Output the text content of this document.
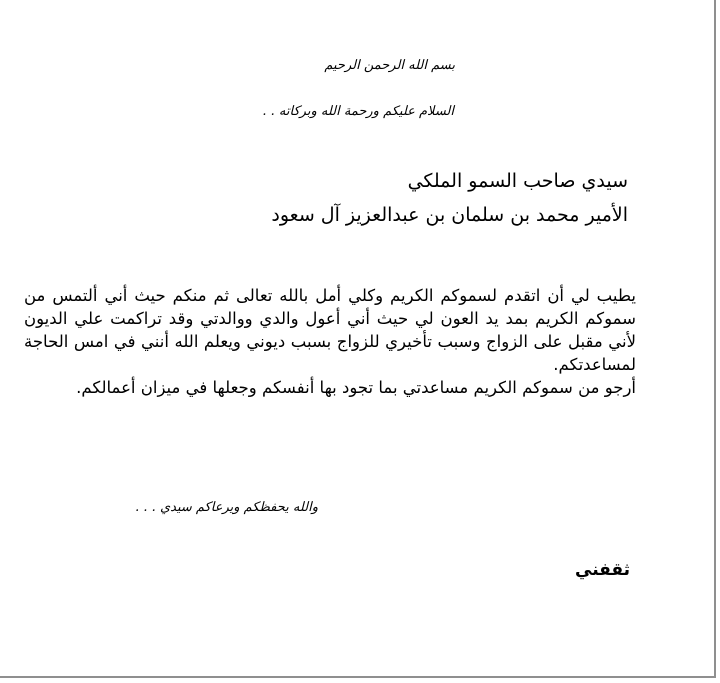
بسم الله الرحمن الرحيم
السلام عليكم ورحمة الله وبركاته . .
سيدي صاحب السمو الملكي
الأمير محمد بن سلمان بن عبدالعزيز آل سعود

يطيب لي أن اتقدم لسموكم الكريم وكلي أمل بالله تعالى ثم منكم حيث أني ألتمس من سموكم الكريم بمد يد العون لي حيث أني أعول والدي ووالدتي وقد تراكمت علي الديون لأني مقبل على الزواج وسبب تأخيري للزواج بسبب ديوني ويعلم الله أنني في امس الحاجة لمساعدتكم.

أرجو من سموكم الكريم مساعدتي بما تجود بها أنفسكم وجعلها في ميزان أعمالكم.

والله يحفظكم ويرعاكم سيدي . . .
ثقفني
